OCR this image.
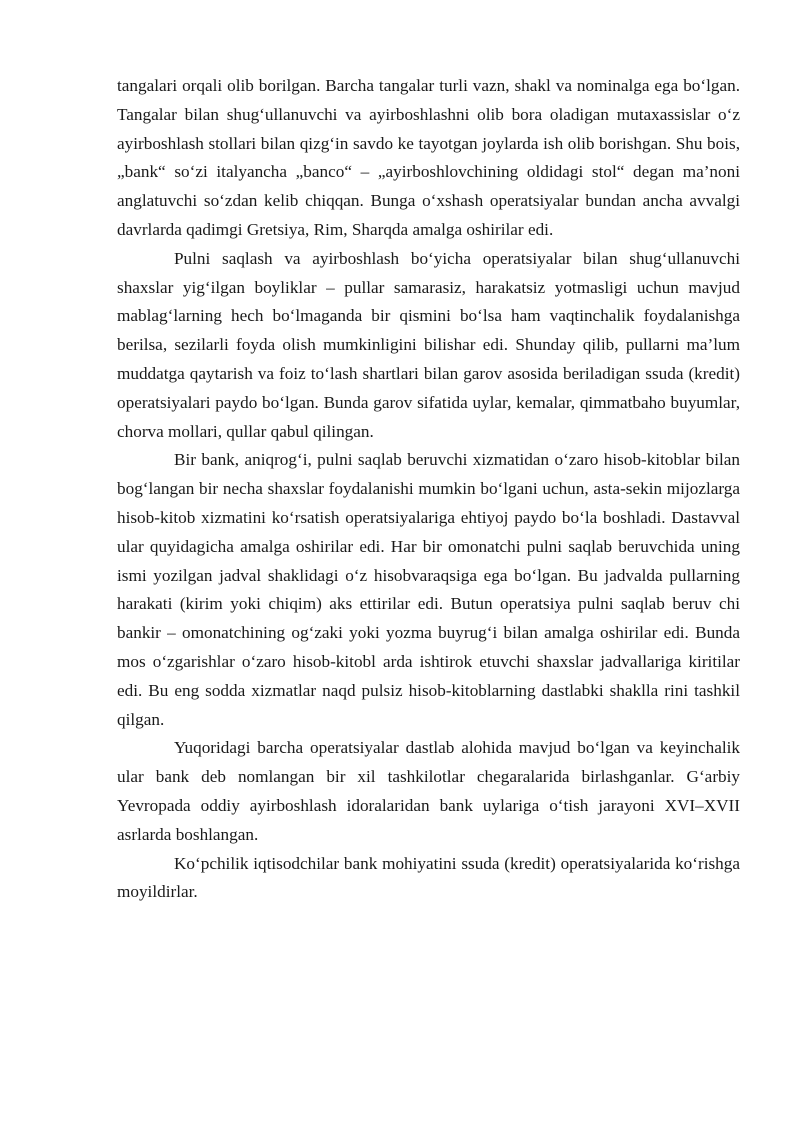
tangalari orqali olib borilgan. Barcha tangalar turli vazn, shakl va nominalga ega bo‘lgan. Tangalar bilan shug‘ullanuvchi va ayirboshlashni olib bora oladigan mutaxassislar o‘z ayirboshlash stollari bilan qizg‘in savdo ke tayotgan joylarda ish olib borishgan. Shu bois, „bank“ so‘zi italyancha „banco“ – „ayirboshlovchining oldidagi stol“ degan ma’noni anglatuvchi so‘zdan kelib chiqqan. Bunga o‘xshash operatsiyalar bundan ancha avvalgi davrlarda qadimgi Gretsiya, Rim, Sharqda amalga oshirilar edi.

Pulni saqlash va ayirboshlash bo‘yicha operatsiyalar bilan shug‘ullanuvchi shaxslar yig‘ilgan boyliklar – pullar samarasiz, harakatsiz yotmasligi uchun mavjud mablag‘larning hech bo‘lmaganda bir qismini bo‘lsa ham vaqtinchalik foydalanishga berilsa, sezilarli foyda olish mumkinligini bilishar edi. Shunday qilib, pullarni ma’lum muddatga qaytarish va foiz to‘lash shartlari bilan garov asosida beriladigan ssuda (kredit) operatsiyalari paydo bo‘lgan. Bunda garov sifatida uylar, kemalar, qimmatbaho buyumlar, chorva mollari, qullar qabul qilingan.

Bir bank, aniqrog‘i, pulni saqlab beruvchi xizmatidan o‘zaro hisob-kitoblar bilan bog‘langan bir necha shaxslar foydalanishi mumkin bo‘lgani uchun, asta-sekin mijozlarga hisob-kitob xizmatini ko‘rsatish operatsiyalariga ehtiyoj paydo bo‘la boshladi. Dastavval ular quyidagicha amalga oshirilar edi. Har bir omonatchi pulni saqlab beruvchida uning ismi yozilgan jadval shaklidagi o‘z hisobvaraqsiga ega bo‘lgan. Bu jadvalda pullarning harakati (kirim yoki chiqim) aks ettirilar edi. Butun operatsiya pulni saqlab beruv chi bankir – omonatchining og‘zaki yoki yozma buyrug‘i bilan amalga oshirilar edi. Bunda mos o‘zgarishlar o‘zaro hisob-kitobl arda ishtirok etuvchi shaxslar jadvallariga kiritilar edi. Bu eng sodda xizmatlar naqd pulsiz hisob-kitoblarning dastlabki shaklla rini tashkil qilgan.

Yuqoridagi barcha operatsiyalar dastlab alohida mavjud bo‘lgan va keyinchalik ular bank deb nomlangan bir xil tashkilotlar chegaralarida birlashganlar. G‘arbiy Yevropada oddiy ayirboshlash idoralaridan bank uylariga o‘tish jarayoni XVI–XVII asrlarda boshlangan.

Ko‘pchilik iqtisodchilar bank mohiyatini ssuda (kredit) operatsiyalarida ko‘rishga moyildirlar.
